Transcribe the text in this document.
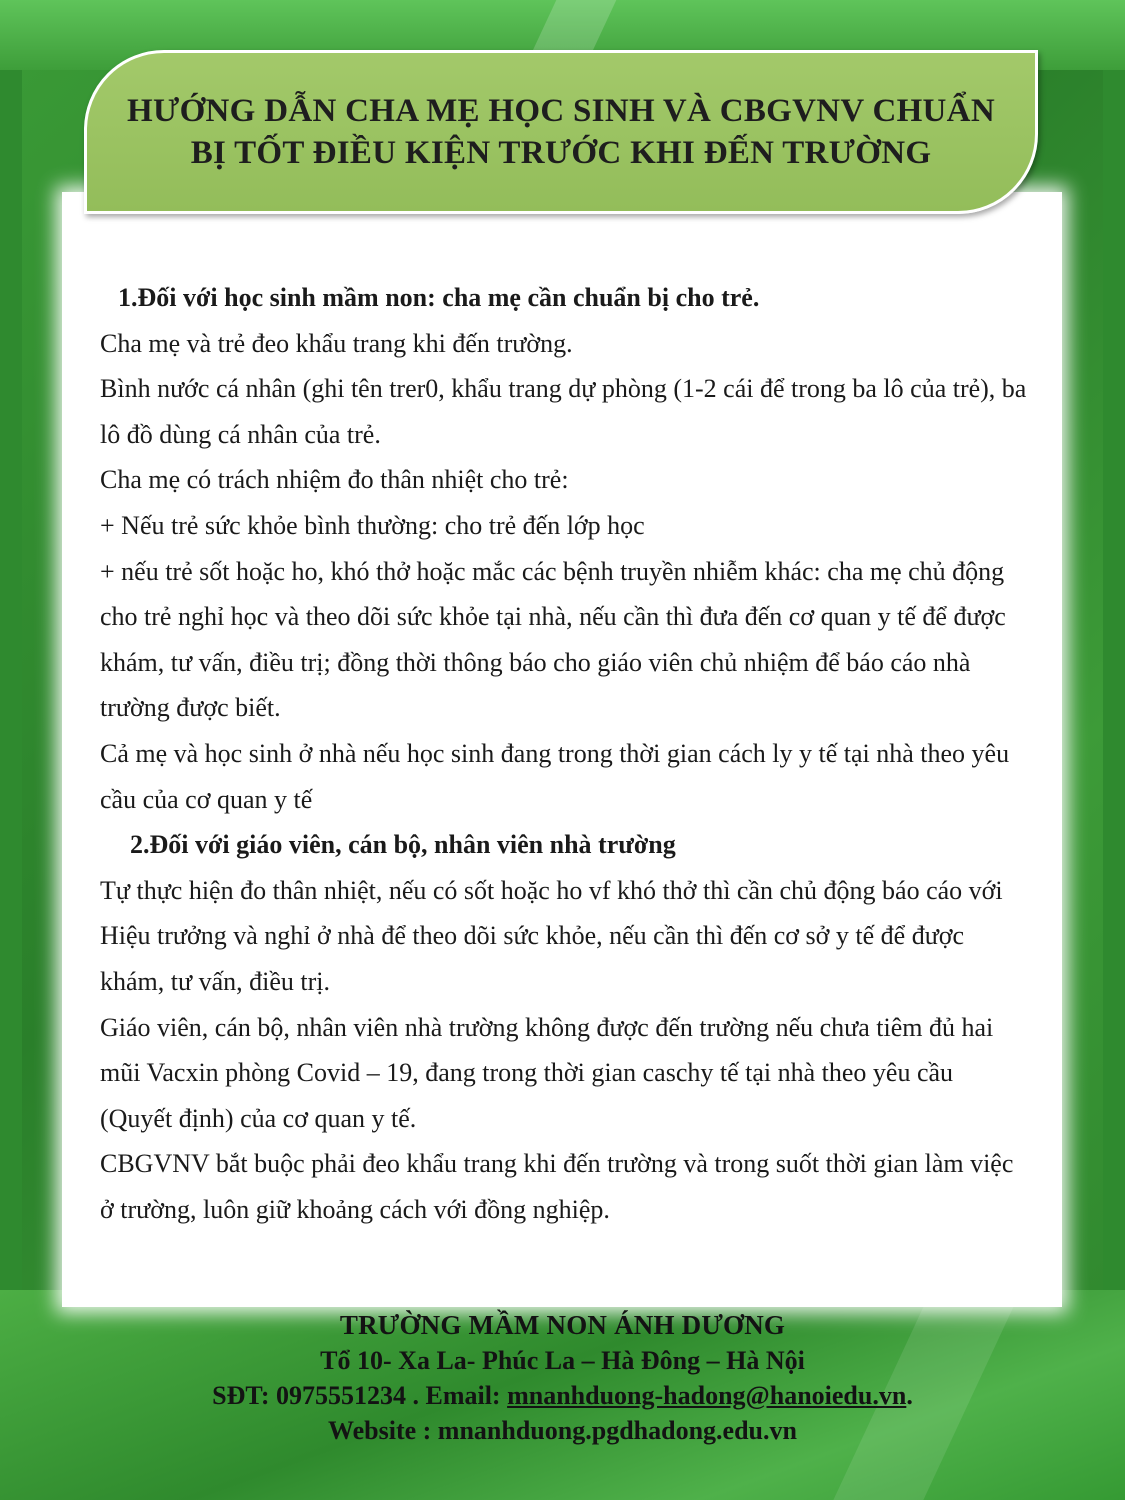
HƯỚNG DẪN CHA MẸ HỌC SINH VÀ CBGVNV CHUẨN BỊ TỐT ĐIỀU KIỆN TRƯỚC KHI ĐẾN TRƯỜNG

1.Đối với học sinh mầm non: cha mẹ cần chuẩn bị cho trẻ.

Cha mẹ và trẻ đeo khẩu trang khi đến trường.

Bình nước cá nhân (ghi tên trer0, khẩu trang dự phòng (1-2 cái để trong ba lô của trẻ), ba lô đồ dùng cá nhân của trẻ.

Cha mẹ có trách nhiệm đo thân nhiệt cho trẻ:

+ Nếu trẻ sức khỏe bình thường: cho trẻ đến lớp học

+ nếu trẻ sốt hoặc ho, khó thở hoặc mắc các bệnh truyền nhiễm khác: cha mẹ chủ động cho trẻ nghỉ học và theo dõi sức khỏe tại nhà, nếu cần thì đưa đến cơ quan y tế để được khám, tư vấn, điều trị; đồng thời thông báo cho giáo viên chủ nhiệm để báo cáo nhà trường được biết.

Cả mẹ và học sinh ở nhà nếu học sinh đang trong thời gian cách ly y tế tại nhà theo yêu cầu của cơ quan y tế

2.Đối với giáo viên, cán bộ, nhân viên nhà trường

Tự thực hiện đo thân nhiệt, nếu có sốt hoặc ho vf khó thở thì cần chủ động báo cáo với Hiệu trưởng và nghỉ ở nhà để theo dõi sức khỏe, nếu cần thì đến cơ sở y tế để được khám, tư vấn, điều trị.

Giáo viên, cán bộ, nhân viên nhà trường không được đến trường nếu chưa tiêm đủ hai mũi Vacxin phòng Covid – 19, đang trong thời gian caschy tế tại nhà theo yêu cầu (Quyết định) của cơ quan y tế.

CBGVNV bắt buộc phải đeo khẩu trang khi đến trường và trong suốt thời gian làm việc ở trường, luôn giữ khoảng cách với đồng nghiệp.

TRƯỜNG MẦM NON ÁNH DƯƠNG
Tổ 10- Xa La- Phúc La – Hà Đông – Hà Nội
SĐT: 0975551234 . Email: mnanhduong-hadong@hanoiedu.vn.
Website : mnanhduong.pgdhadong.edu.vn
